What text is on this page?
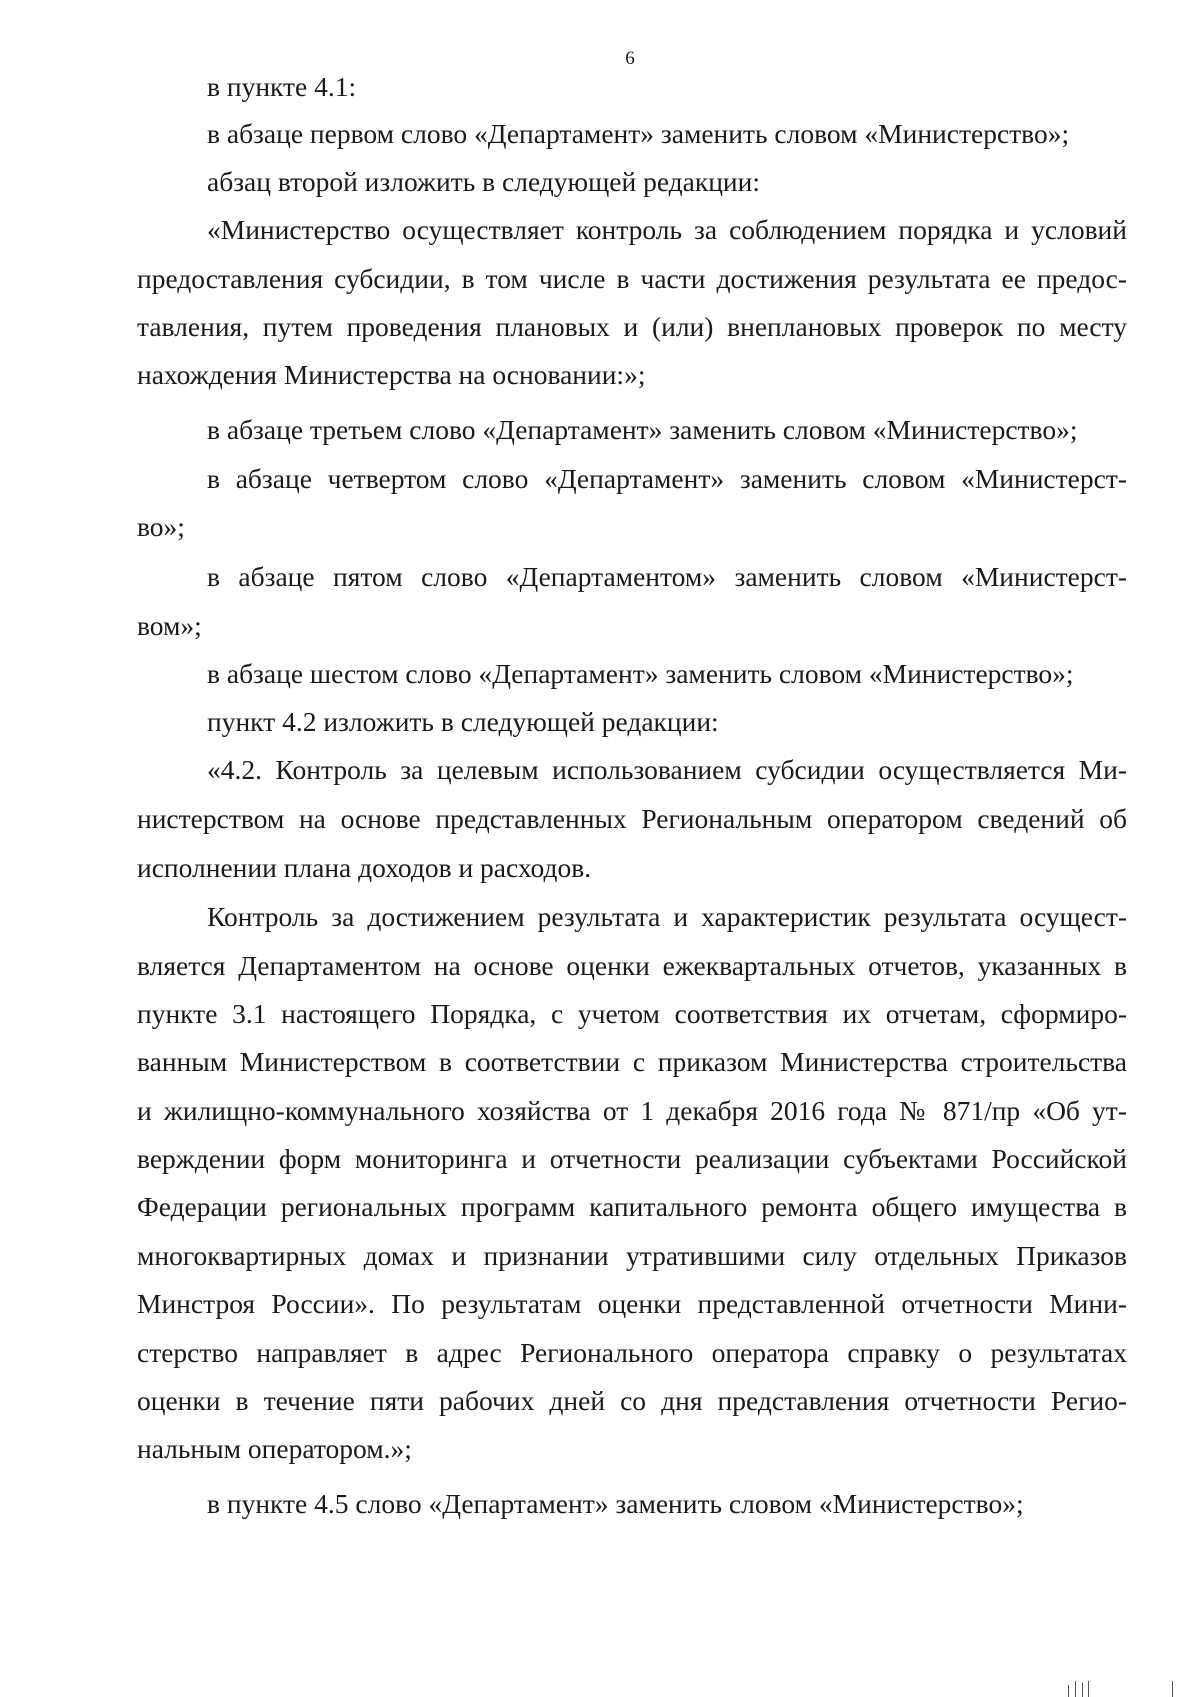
6
в пункте 4.1:
в абзаце первом слово «Департамент» заменить словом «Министерство»;
абзац второй изложить в следующей редакции:
«Министерство осуществляет контроль за соблюдением порядка и условий
предоставления субсидии, в том числе в части достижения результата ее предос-
тавления, путем проведения плановых и (или) внеплановых проверок по месту
нахождения Министерства на основании:»;
в абзаце третьем слово «Департамент» заменить словом «Министерство»;
в абзаце четвертом слово «Департамент» заменить словом «Министерст-
во»;
в абзаце пятом слово «Департаментом» заменить словом «Министерст-
вом»;
в абзаце шестом слово «Департамент» заменить словом «Министерство»;
пункт 4.2 изложить в следующей редакции:
«4.2. Контроль за целевым использованием субсидии осуществляется Ми-
нистерством на основе представленных Региональным оператором сведений об
исполнении плана доходов и расходов.
Контроль за достижением результата и характеристик результата осущест-
вляется Департаментом на основе оценки ежеквартальных отчетов, указанных в
пункте 3.1 настоящего Порядка, с учетом соответствия их отчетам, сформиро-
ванным Министерством в соответствии с приказом Министерства строительства
и жилищно-коммунального хозяйства от 1 декабря 2016 года № 871/пр «Об ут-
верждении форм мониторинга и отчетности реализации субъектами Российской
Федерации региональных программ капитального ремонта общего имущества в
многоквартирных домах и признании утратившими силу отдельных Приказов
Минстроя России». По результатам оценки представленной отчетности Мини-
стерство направляет в адрес Регионального оператора справку о результатах
оценки в течение пяти рабочих дней со дня представления отчетности Регио-
нальным оператором.»;
в пункте 4.5 слово «Департамент» заменить словом «Министерство»;
